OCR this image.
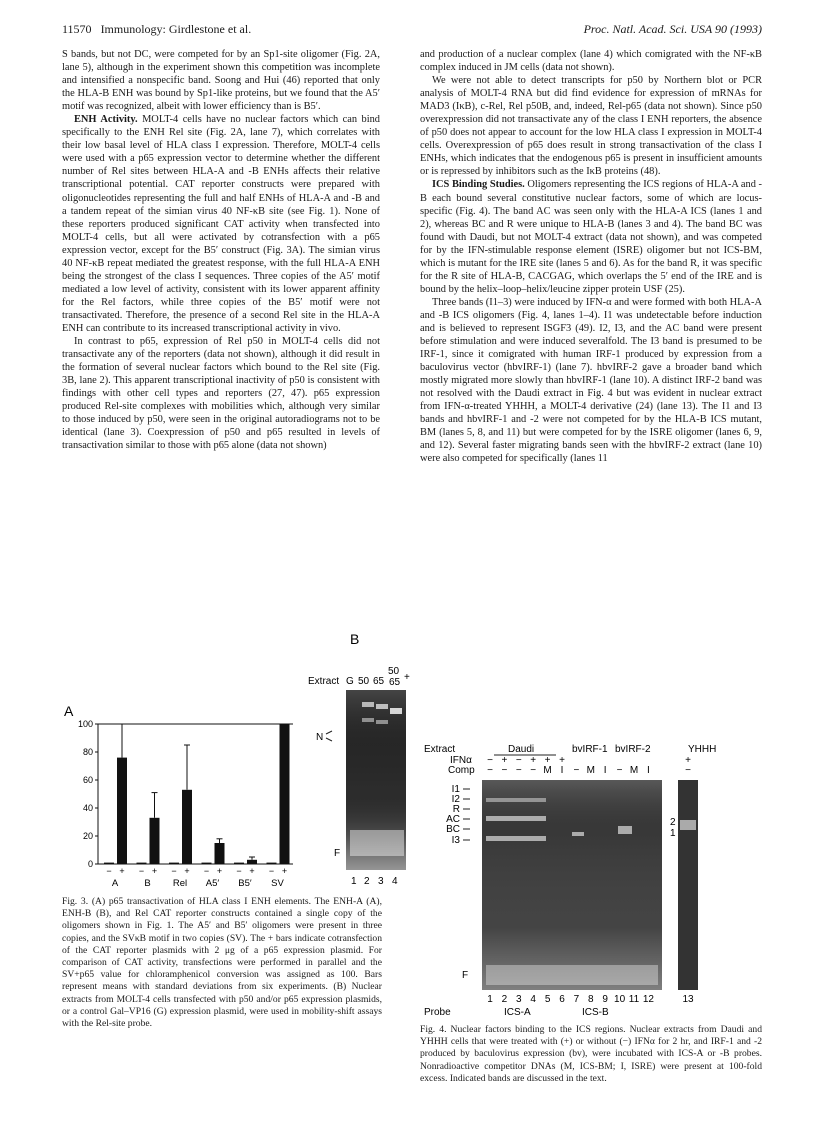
11570 Immunology: Girdlestone et al.	Proc. Natl. Acad. Sci. USA 90 (1993)

S bands, but not DC, were competed for by an Sp1-site oligomer (Fig. 2A, lane 5), although in the experiment shown this competition was incomplete and intensified a nonspecific band. Soong and Hui (46) reported that only the HLA-B ENH was bound by Sp1-like proteins, but we found that the A5′ motif was recognized, albeit with lower efficiency than is B5′.

ENH Activity. MOLT-4 cells have no nuclear factors which can bind specifically to the ENH Rel site (Fig. 2A, lane 7), which correlates with their low basal level of HLA class I expression. Therefore, MOLT-4 cells were used with a p65 expression vector to determine whether the different number of Rel sites between HLA-A and -B ENHs affects their relative transcriptional potential. CAT reporter constructs were prepared with oligonucleotides representing the full and half ENHs of HLA-A and -B and a tandem repeat of the simian virus 40 NF-κB site (see Fig. 1). None of these reporters produced significant CAT activity when transfected into MOLT-4 cells, but all were activated by cotransfection with a p65 expression vector, except for the B5′ construct (Fig. 3A). The simian virus 40 NF-κB repeat mediated the greatest response, with the full HLA-A ENH being the strongest of the class I sequences. Three copies of the A5′ motif mediated a low level of activity, consistent with its lower apparent affinity for the Rel factors, while three copies of the B5′ motif were not transactivated. Therefore, the presence of a second Rel site in the HLA-A ENH can contribute to its increased transcriptional activity in vivo.

In contrast to p65, expression of Rel p50 in MOLT-4 cells did not transactivate any of the reporters (data not shown), although it did result in the formation of several nuclear factors which bound to the Rel site (Fig. 3B, lane 2). This apparent transcriptional inactivity of p50 is consistent with findings with other cell types and reporters (27, 47). p65 expression produced Rel-site complexes with mobilities which, although very similar to those induced by p50, were seen in the original autoradiograms not to be identical (lane 3). Coexpression of p50 and p65 resulted in levels of transactivation similar to those with p65 alone (data not shown)

and production of a nuclear complex (lane 4) which comigrated with the NF-κB complex induced in JM cells (data not shown).

We were not able to detect transcripts for p50 by Northern blot or PCR analysis of MOLT-4 RNA but did find evidence for expression of mRNAs for MAD3 (IκB), c-Rel, Rel p50B, and, indeed, Rel-p65 (data not shown). Since p50 overexpression did not transactivate any of the class I ENH reporters, the absence of p50 does not appear to account for the low HLA class I expression in MOLT-4 cells. Overexpression of p65 does result in strong transactivation of the class I ENHs, which indicates that the endogenous p65 is present in insufficient amounts or is repressed by inhibitors such as the IκB proteins (48).

ICS Binding Studies. Oligomers representing the ICS regions of HLA-A and -B each bound several constitutive nuclear factors, some of which are locus-specific (Fig. 4). The band AC was seen only with the HLA-A ICS (lanes 1 and 2), whereas BC and R were unique to HLA-B (lanes 3 and 4). The band BC was found with Daudi, but not MOLT-4 extract (data not shown), and was competed for by the IFN-stimulable response element (ISRE) oligomer but not ICS-BM, which is mutant for the IRE site (lanes 5 and 6). As for the band R, it was specific for the R site of HLA-B, CACGAG, which overlaps the 5′ end of the IRE and is bound by the helix–loop–helix/leucine zipper protein USF (25).

Three bands (I1–3) were induced by IFN-α and were formed with both HLA-A and -B ICS oligomers (Fig. 4, lanes 1–4). I1 was undetectable before induction and is believed to represent ISGF3 (49). I2, I3, and the AC band were present before stimulation and were induced severalfold. The I3 band is presumed to be IRF-1, since it comigrated with human IRF-1 produced by expression from a baculovirus vector (hbvIRF-1) (lane 7). hbvIRF-2 gave a broader band which mostly migrated more slowly than hbvIRF-1 (lane 10). A distinct IRF-2 band was not resolved with the Daudi extract in Fig. 4 but was evident in nuclear extract from IFN-α-treated YHHH, a MOLT-4 derivative (24) (lane 13). The I1 and I3 bands and hbvIRF-1 and -2 were not competed for by the HLA-B ICS mutant, BM (lanes 5, 8, and 11) but were competed for by the ISRE oligomer (lanes 6, 9, and 12). Several faster migrating bands seen with the hbvIRF-2 extract (lane 10) were also competed for specifically (lanes 11

B
Extract G 50 65
50 65 +
N
F
1 2 3 4
A
0
20
40
60
80
100
− +
A
− +
B
− +
Rel
− +
A5′
− +
B5′
− +
SV
Extract
IFNα
Comp
Daudi	bvIRF-1 bvIRF-2	YHHH
− + − + + +	+
− − − − M I − M I − M I	−
I1
I2
R
AC
BC
I3
2
1
F
1 2 3 4 5 6 7 8 9 10 11 12	13
Probe	ICS-A	ICS-B
Fig. 3. (A) p65 transactivation of HLA class I ENH elements. The ENH-A (A), ENH-B (B), and Rel CAT reporter constructs contained a single copy of the oligomers shown in Fig. 1. The A5′ and B5′ oligomers were present in three copies, and the SVκB motif in two copies (SV). The + bars indicate cotransfection of the CAT reporter plasmids with 2 μg of a p65 expression plasmid. For comparison of CAT activity, transfections were performed in parallel and the SV+p65 value for chloramphenicol conversion was assigned as 100. Bars represent means with standard deviations from six experiments. (B) Nuclear extracts from MOLT-4 cells transfected with p50 and/or p65 expression plasmids, or a control Gal–VP16 (G) expression plasmid, were used in mobility-shift assays with the Rel-site probe.
Fig. 4. Nuclear factors binding to the ICS regions. Nuclear extracts from Daudi and YHHH cells that were treated with (+) or without (−) IFNα for 2 hr, and IRF-1 and -2 produced by baculovirus expression (bv), were incubated with ICS-A or -B probes. Nonradioactive competitor DNAs (M, ICS-BM; I, ISRE) were present at 100-fold excess. Indicated bands are discussed in the text.
